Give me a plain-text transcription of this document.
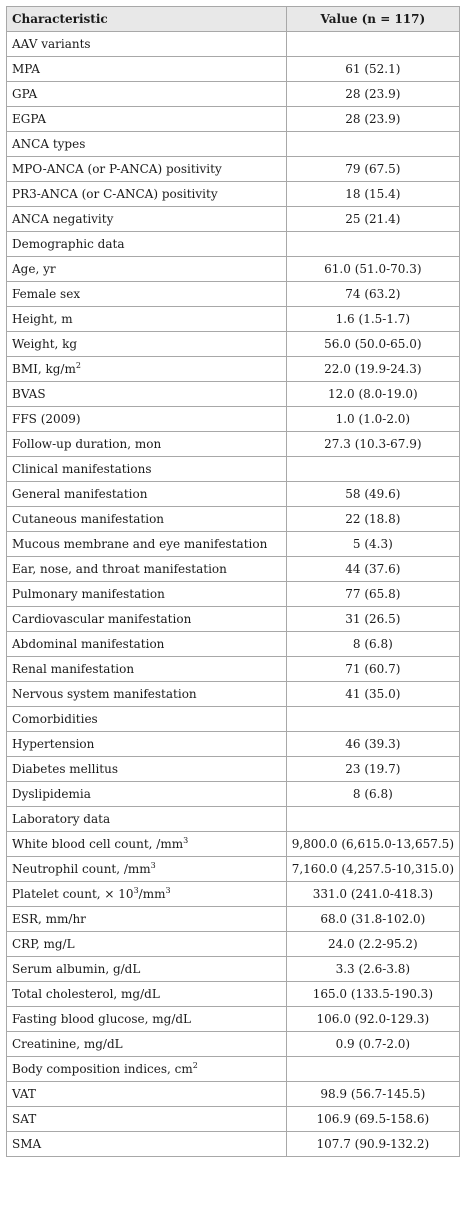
Characteristic	Value (n = 117)
AAV variants	
MPA	61 (52.1)
GPA	28 (23.9)
EGPA	28 (23.9)
ANCA types	
MPO-ANCA (or P-ANCA) positivity	79 (67.5)
PR3-ANCA (or C-ANCA) positivity	18 (15.4)
ANCA negativity	25 (21.4)
Demographic data	
Age, yr	61.0 (51.0-70.3)
Female sex	74 (63.2)
Height, m	1.6 (1.5-1.7)
Weight, kg	56.0 (50.0-65.0)
BMI, $kg/m^2$	22.0 (19.9-24.3)
BVAS	12.0 (8.0-19.0)
FFS (2009)	1.0 (1.0-2.0)
Follow-up duration, mon	27.3 (10.3-67.9)
Clinical manifestations	
General manifestation	58 (49.6)
Cutaneous manifestation	22 (18.8)
Mucous membrane and eye manifestation	5 (4.3)
Ear, nose, and throat manifestation	44 (37.6)
Pulmonary manifestation	77 (65.8)
Cardiovascular manifestation	31 (26.5)
Abdominal manifestation	8 (6.8)
Renal manifestation	71 (60.7)
Nervous system manifestation	41 (35.0)
Comorbidities	
Hypertension	46 (39.3)
Diabetes mellitus	23 (19.7)
Dyslipidemia	8 (6.8)
Laboratory data	
White blood cell count, $/mm^3$	9,800.0 (6,615.0-13,657.5)
Neutrophil count, $/mm^3$	7,160.0 (4,257.5-10,315.0)
Platelet count, × $10^3/mm^3$	331.0 (241.0-418.3)
ESR, mm/hr	68.0 (31.8-102.0)
CRP, mg/L	24.0 (2.2-95.2)
Serum albumin, g/dL	3.3 (2.6-3.8)
Total cholesterol, mg/dL	165.0 (133.5-190.3)
Fasting blood glucose, mg/dL	106.0 (92.0-129.3)
Creatinine, mg/dL	0.9 (0.7-2.0)
Body composition indices, $cm^2$	
VAT	98.9 (56.7-145.5)
SAT	106.9 (69.5-158.6)
SMA	107.7 (90.9-132.2)
